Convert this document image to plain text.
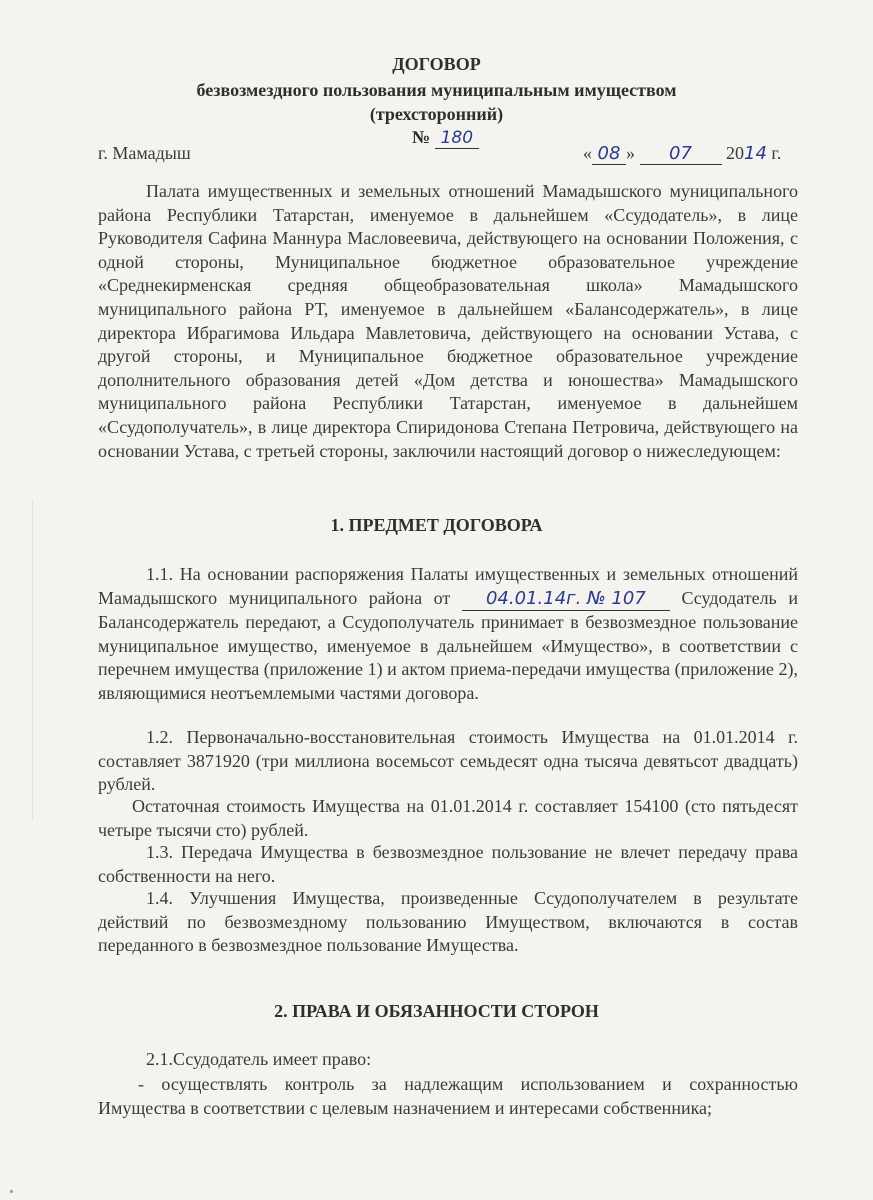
ДОГОВОР
безвозмездного пользования муниципальным имуществом
(трехсторонний)
№ 180
г. Мамадыш	« 08 » 07 2014 г.

Палата имущественных и земельных отношений Мамадышского муниципального района Республики Татарстан, именуемое в дальнейшем «Ссудодатель», в лице Руководителя Сафина Маннура Масловеевича, действующего на основании Положения, с одной стороны, Муниципальное бюджетное образовательное учреждение «Среднекирменская средняя общеобразовательная школа» Мамадышского муниципального района РТ, именуемое в дальнейшем «Балансодержатель», в лице директора Ибрагимова Ильдара Мавлетовича, действующего на основании Устава, с другой стороны, и Муниципальное бюджетное образовательное учреждение дополнительного образования детей «Дом детства и юношества» Мамадышского муниципального района Республики Татарстан, именуемое в дальнейшем «Ссудополучатель», в лице директора Спиридонова Степана Петровича, действующего на основании Устава, с третьей стороны, заключили настоящий договор о нижеследующем:

1. ПРЕДМЕТ ДОГОВОРА

1.1. На основании распоряжения Палаты имущественных и земельных отношений Мамадышского муниципального района от 04.01.14г. № 107 Ссудодатель и Балансодержатель передают, а Ссудополучатель принимает в безвозмездное пользование муниципальное имущество, именуемое в дальнейшем «Имущество», в соответствии с перечнем имущества (приложение 1) и актом приема-передачи имущества (приложение 2), являющимися неотъемлемыми частями договора.

1.2. Первоначально-восстановительная стоимость Имущества на 01.01.2014 г. составляет 3871920 (три миллиона восемьсот семьдесят одна тысяча девятьсот двадцать) рублей.

Остаточная стоимость Имущества на 01.01.2014 г. составляет 154100 (сто пятьдесят четыре тысячи сто) рублей.

1.3. Передача Имущества в безвозмездное пользование не влечет передачу права собственности на него.

1.4. Улучшения Имущества, произведенные Ссудополучателем в результате действий по безвозмездному пользованию Имуществом, включаются в состав переданного в безвозмездное пользование Имущества.

2. ПРАВА И ОБЯЗАННОСТИ СТОРОН

2.1.Ссудодатель имеет право:

- осуществлять контроль за надлежащим использованием и сохранностью Имущества в соответствии с целевым назначением и интересами собственника;
